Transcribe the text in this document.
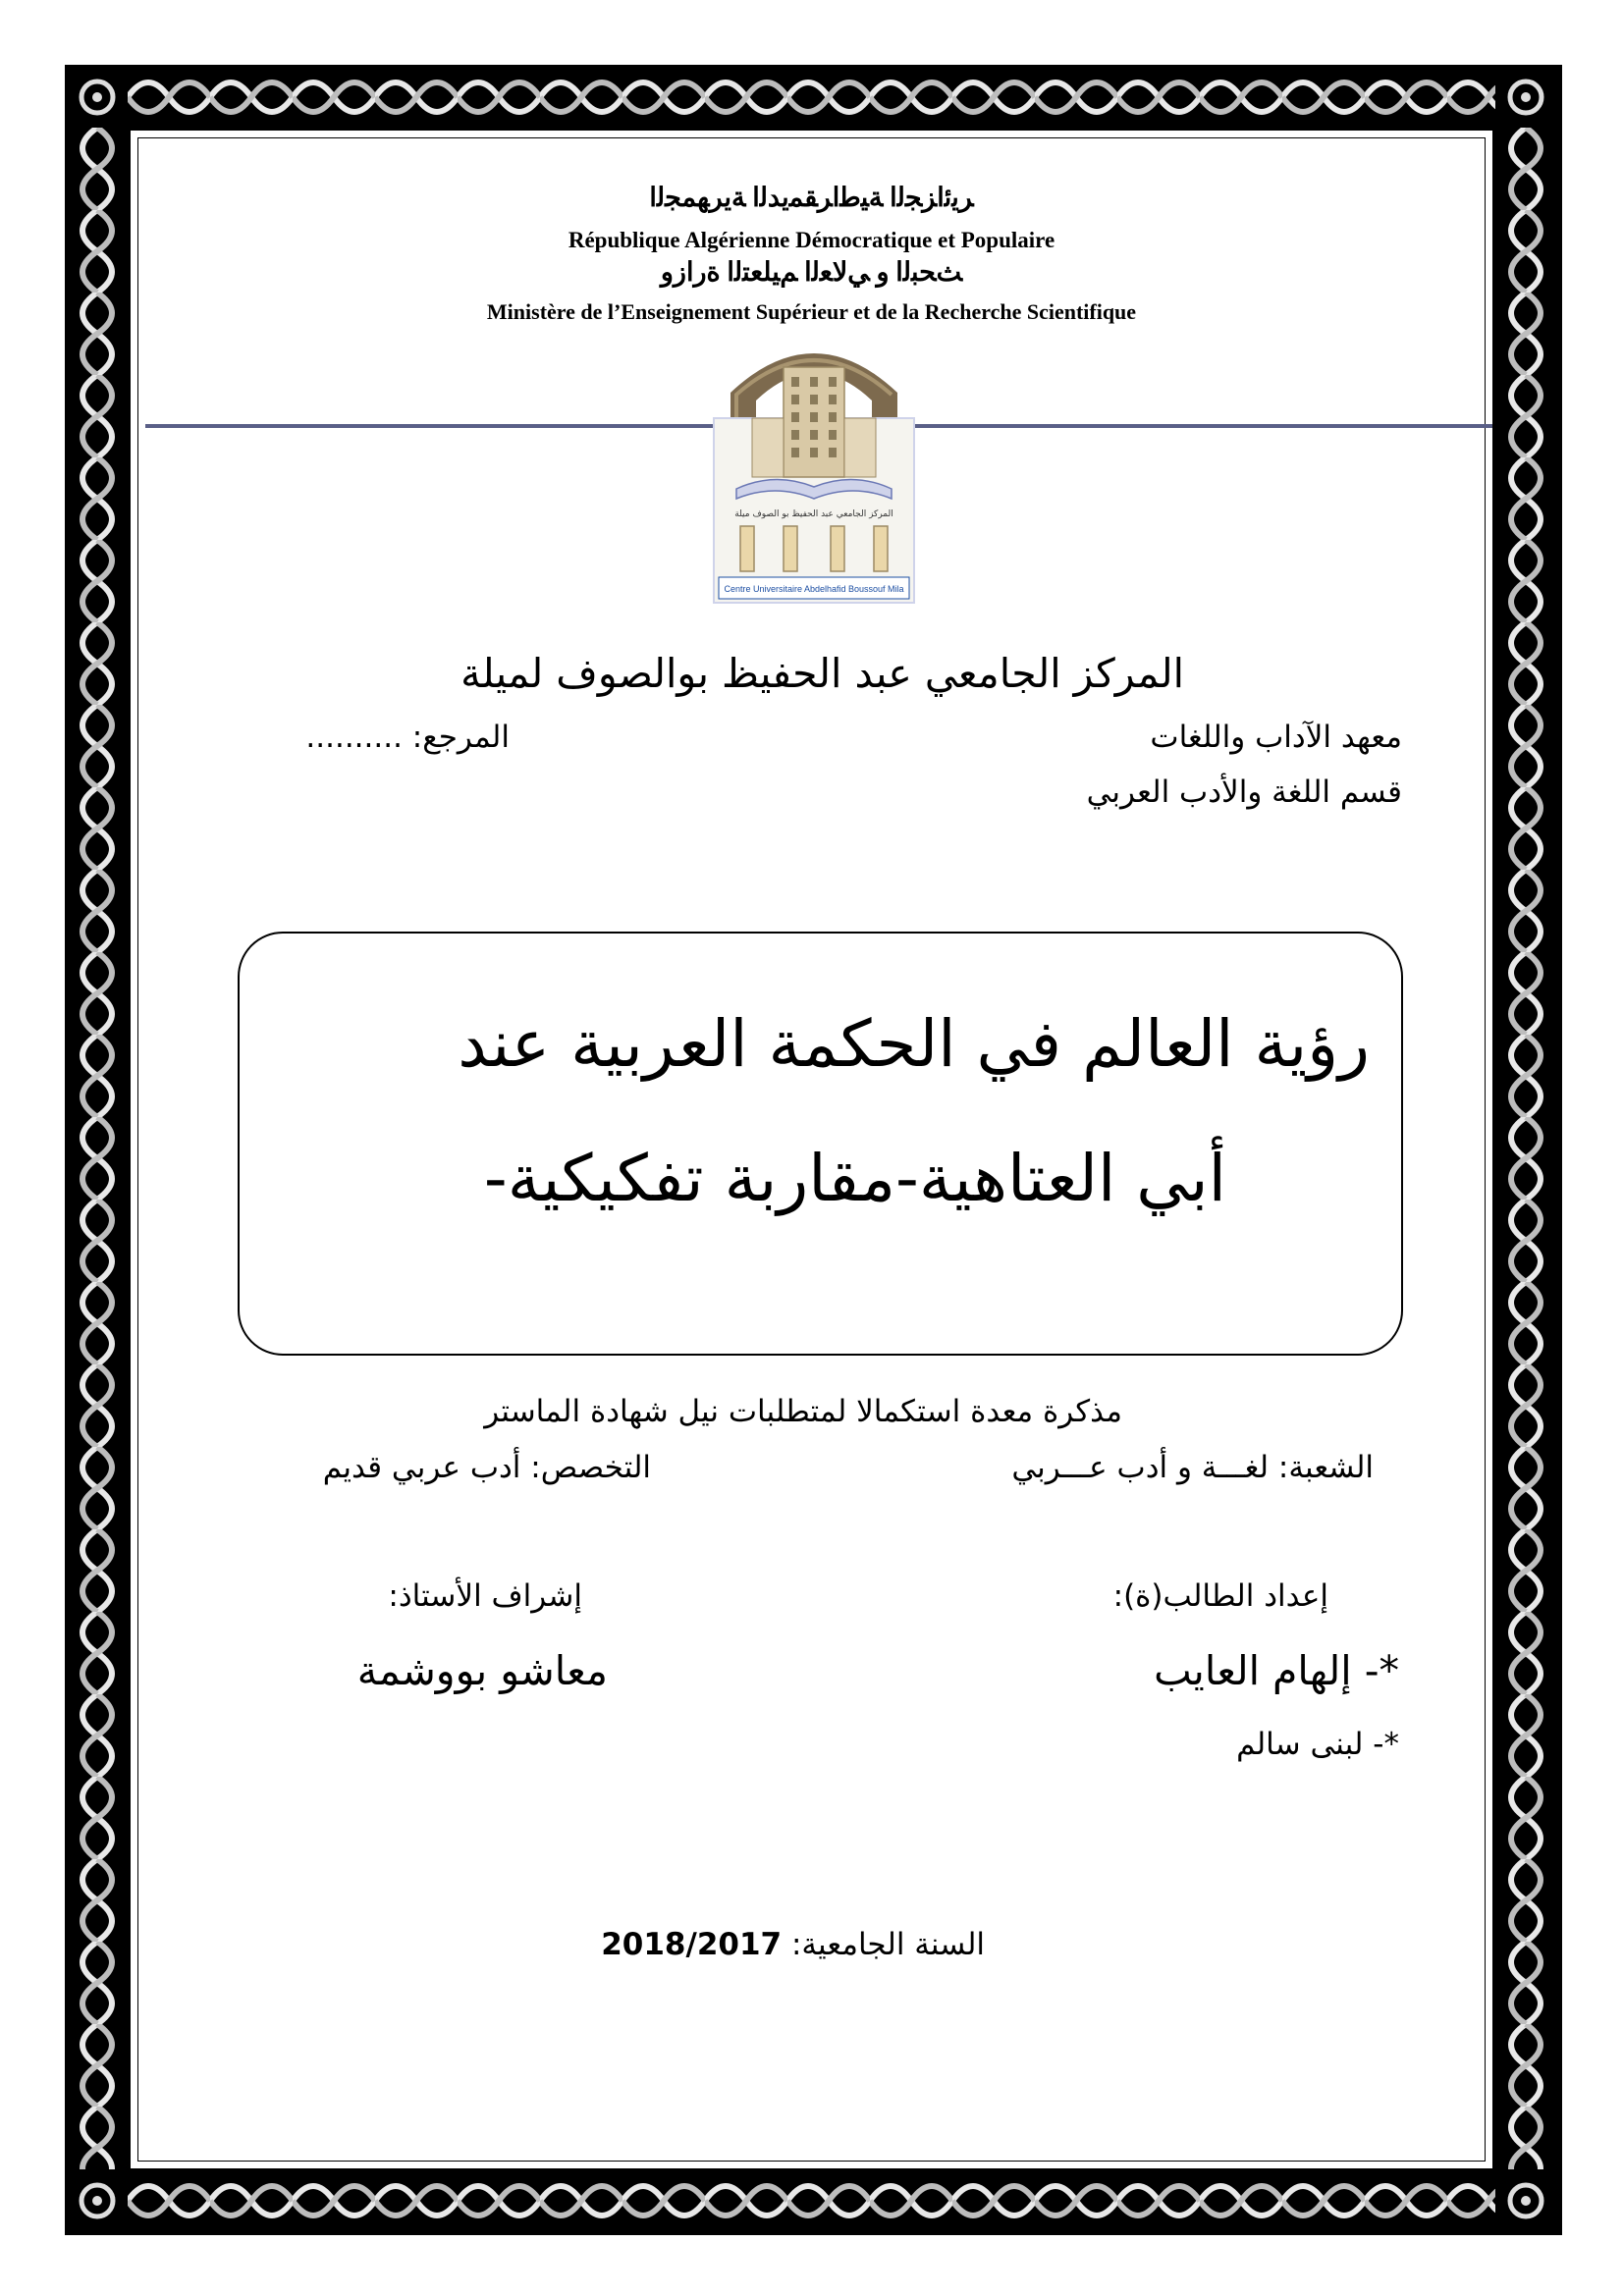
ﺮﻳﺋﺍﺰﺠﻟﺍ ﺔﻴﻃﺍﺮﻘﻤﻳﺪﻟﺍ ﺔﻳﺮﻬﻤﺠﻟﺍ
République Algérienne Démocratique et Populaire
ﺚﺤﺒﻟﺍ ﻭ ﻲﻟﺎﻌﻟﺍ ﻢﻴﻠﻌﺘﻟﺍ ﺓﺭﺍﺯﻭ
Ministère de l’Enseignement Supérieur et de la Recherche Scientifique
المركز الجامعي عبد الحفيظ بو الصوف ميلة
Centre Universitaire Abdelhafid Boussouf Mila
المركز الجامعي عبد الحفيظ بوالصوف لميلة
معهد الآداب واللغات
المرجع: ..........
قسم اللغة والأدب العربي
رؤية العالم في الحكمة العربية عند
أبي العتاهية-مقاربة تفكيكية-
مذكرة معدة استكمالا لمتطلبات نيل شهادة الماستر
الشعبة: لغـــة و أدب عـــربي
التخصص: أدب عربي قديم
إعداد الطالب(ة):
إشراف الأستاذ:
*- إلهام العايب
معاشو بووشمة
*- لبنى سالم
السنة الجامعية: 2018/2017
